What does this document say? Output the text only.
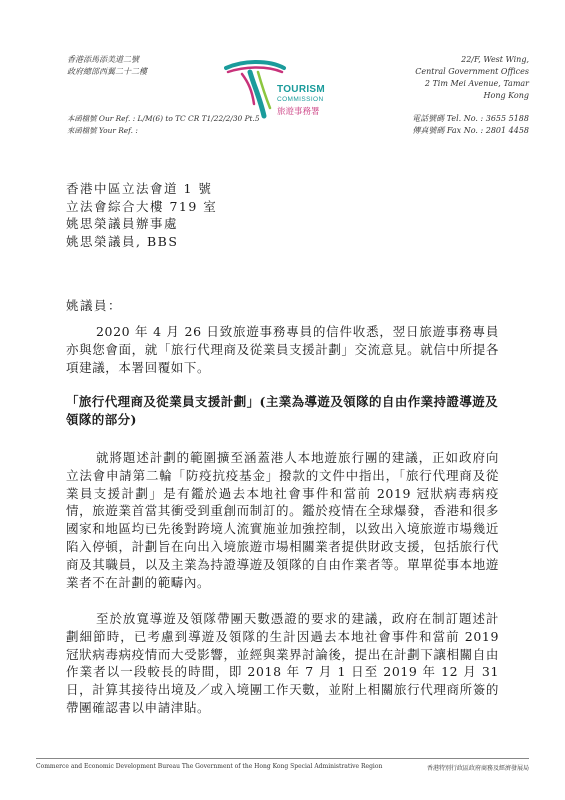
香港添馬添美道二號
政府總部西翼二十二樓
TOURISM
COMMISSION
旅遊事務署
22/F, West Wing,
Central Government Offices
2 Tim Mei Avenue, Tamar
Hong Kong
本函檔號 Our Ref. : L/M(6) to TC CR T1/22/2/30 Pt.5
來函檔號 Your Ref. :
電話號碼 Tel. No. : 3655 5188
傳真號碼 Fax No. : 2801 4458
香港中區立法會道 1 號
立法會綜合大樓 719 室
姚思榮議員辦事處
姚思榮議員, BBS
姚議員：

2020 年 4 月 26 日致旅遊事務專員的信件收悉，翌日旅遊事務專員亦與您會面，就「旅行代理商及從業員支援計劃」交流意見。就信中所提各項建議，本署回覆如下。

「旅行代理商及從業員支援計劃」(主業為導遊及領隊的自由作業持證導遊及領隊的部分)

就將題述計劃的範圍擴至涵蓋港人本地遊旅行團的建議，正如政府向立法會申請第二輪「防疫抗疫基金」撥款的文件中指出，「旅行代理商及從業員支援計劃」是有鑑於過去本地社會事件和當前 2019 冠狀病毒病疫情，旅遊業首當其衝受到重創而制訂的。鑑於疫情在全球爆發，香港和很多國家和地區均已先後對跨境人流實施並加強控制，以致出入境旅遊市場幾近陷入停頓，計劃旨在向出入境旅遊市場相關業者提供財政支援，包括旅行代商及其職員，以及主業為持證導遊及領隊的自由作業者等。單單從事本地遊業者不在計劃的範疇內。

至於放寬導遊及領隊帶團天數憑證的要求的建議，政府在制訂題述計劃細節時，已考慮到導遊及領隊的生計因過去本地社會事件和當前 2019 冠狀病毒病疫情而大受影響，並經與業界討論後，提出在計劃下讓相關自由作業者以一段較長的時間，即 2018 年 7 月 1 日至 2019 年 12 月 31 日，計算其接待出境及／或入境團工作天數，並附上相關旅行代理商所簽的帶團確認書以申請津貼。

Commerce and Economic Development Bureau The Government of the Hong Kong Special Administrative Region	香港特別行政區政府商務及經濟發展局
